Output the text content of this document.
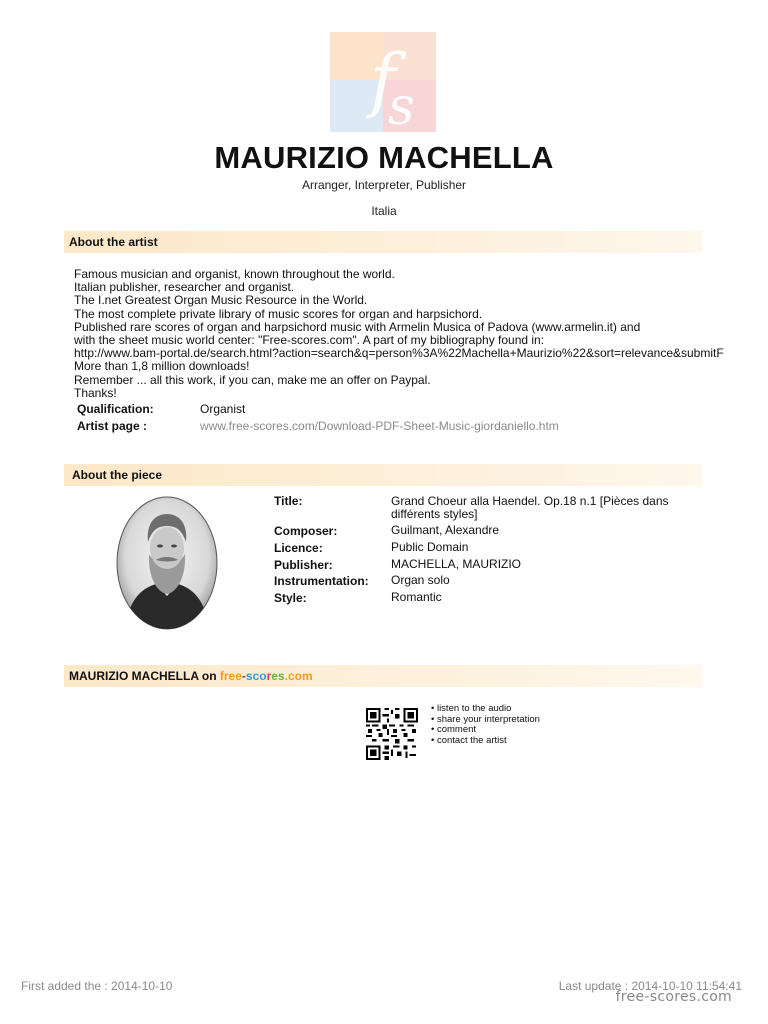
f
s
MAURIZIO MACHELLA
Arranger, Interpreter, Publisher
Italia
About the artist
Famous musician and organist, known throughout the world.
Italian publisher, researcher and organist.
The I.net Greatest Organ Music Resource in the World.
The most complete private library of music scores for organ and harpsichord.
Published rare scores of organ and harpsichord music with Armelin Musica of Padova (www.armelin.it) and
with the sheet music world center: "Free-scores.com". A part of my bibliography found in:
http://www.bam-portal.de/search.html?action=search&q=person%3A%22Machella+Maurizio%22&sort=relevance&submitF
More than 1,8 million downloads!
Remember ... all this work, if you can, make me an offer on Paypal.
Thanks!
Qualification:	Organist
Artist page :	www.free-scores.com/Download-PDF-Sheet-Music-giordaniello.htm
About the piece
Title:	Grand Choeur alla Haendel. Op.18 n.1 [Pièces dans différents styles]
Composer:	Guilmant, Alexandre
Licence:	Public Domain
Publisher:	MACHELLA, MAURIZIO
Instrumentation: Organ solo
Style:	Romantic
MAURIZIO MACHELLA on free-scores.com
• listen to the audio
• share your interpretation
• comment
• contact the artist
First added the : 2014-10-10	Last update : 2014-10-10 11:54:41
free-scores.com
